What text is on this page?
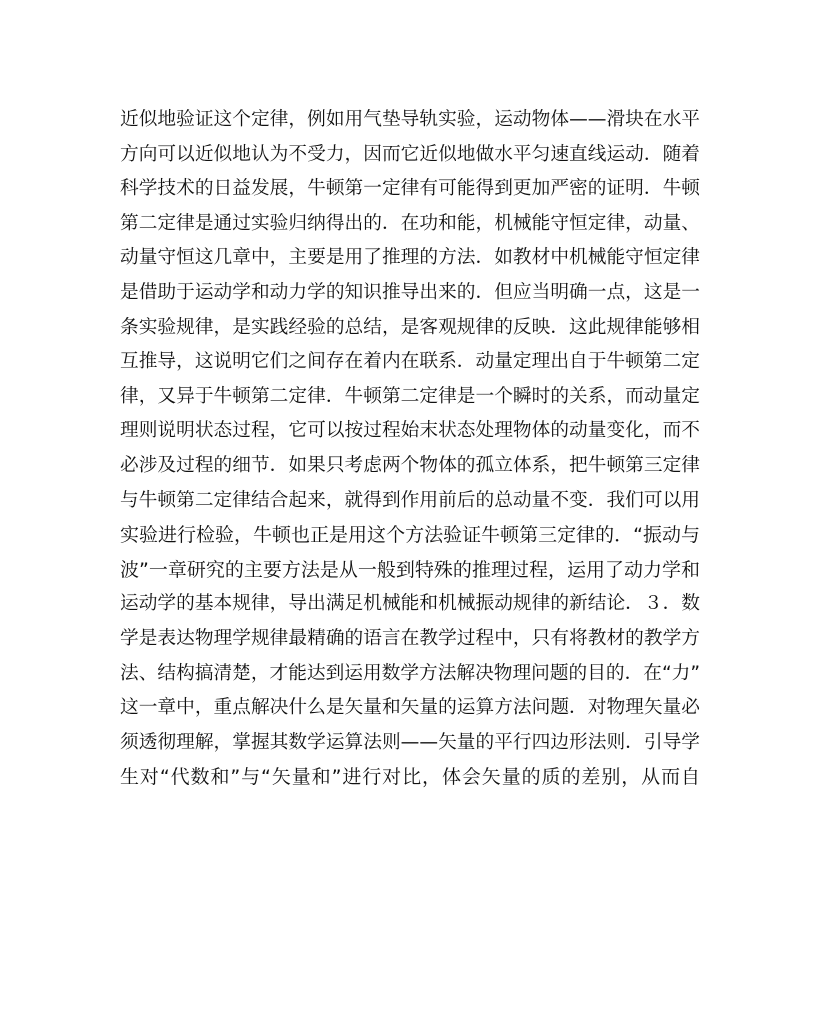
近似地验证这个定律，例如用气垫导轨实验，运动物体——滑块在水平
方向可以近似地认为不受力，因而它近似地做水平匀速直线运动．随着
科学技术的日益发展，牛顿第一定律有可能得到更加严密的证明．牛顿
第二定律是通过实验归纳得出的．在功和能，机械能守恒定律，动量、
动量守恒这几章中，主要是用了推理的方法．如教材中机械能守恒定律
是借助于运动学和动力学的知识推导出来的．但应当明确一点，这是一
条实验规律，是实践经验的总结，是客观规律的反映．这此规律能够相
互推导，这说明它们之间存在着内在联系．动量定理出自于牛顿第二定
律，又异于牛顿第二定律．牛顿第二定律是一个瞬时的关系，而动量定
理则说明状态过程，它可以按过程始末状态处理物体的动量变化，而不
必涉及过程的细节．如果只考虑两个物体的孤立体系，把牛顿第三定律
与牛顿第二定律结合起来，就得到作用前后的总动量不变．我们可以用
实验进行检验，牛顿也正是用这个方法验证牛顿第三定律的．“振动与
波”一章研究的主要方法是从一般到特殊的推理过程，运用了动力学和
运动学的基本规律，导出满足机械能和机械振动规律的新结论．３．数
学是表达物理学规律最精确的语言在教学过程中，只有将教材的教学方
法、结构搞清楚，才能达到运用数学方法解决物理问题的目的．在“力”
这一章中，重点解决什么是矢量和矢量的运算方法问题．对物理矢量必
须透彻理解，掌握其数学运算法则——矢量的平行四边形法则．引导学
生对“代数和”与“矢量和”进行对比，体会矢量的质的差别，从而自
